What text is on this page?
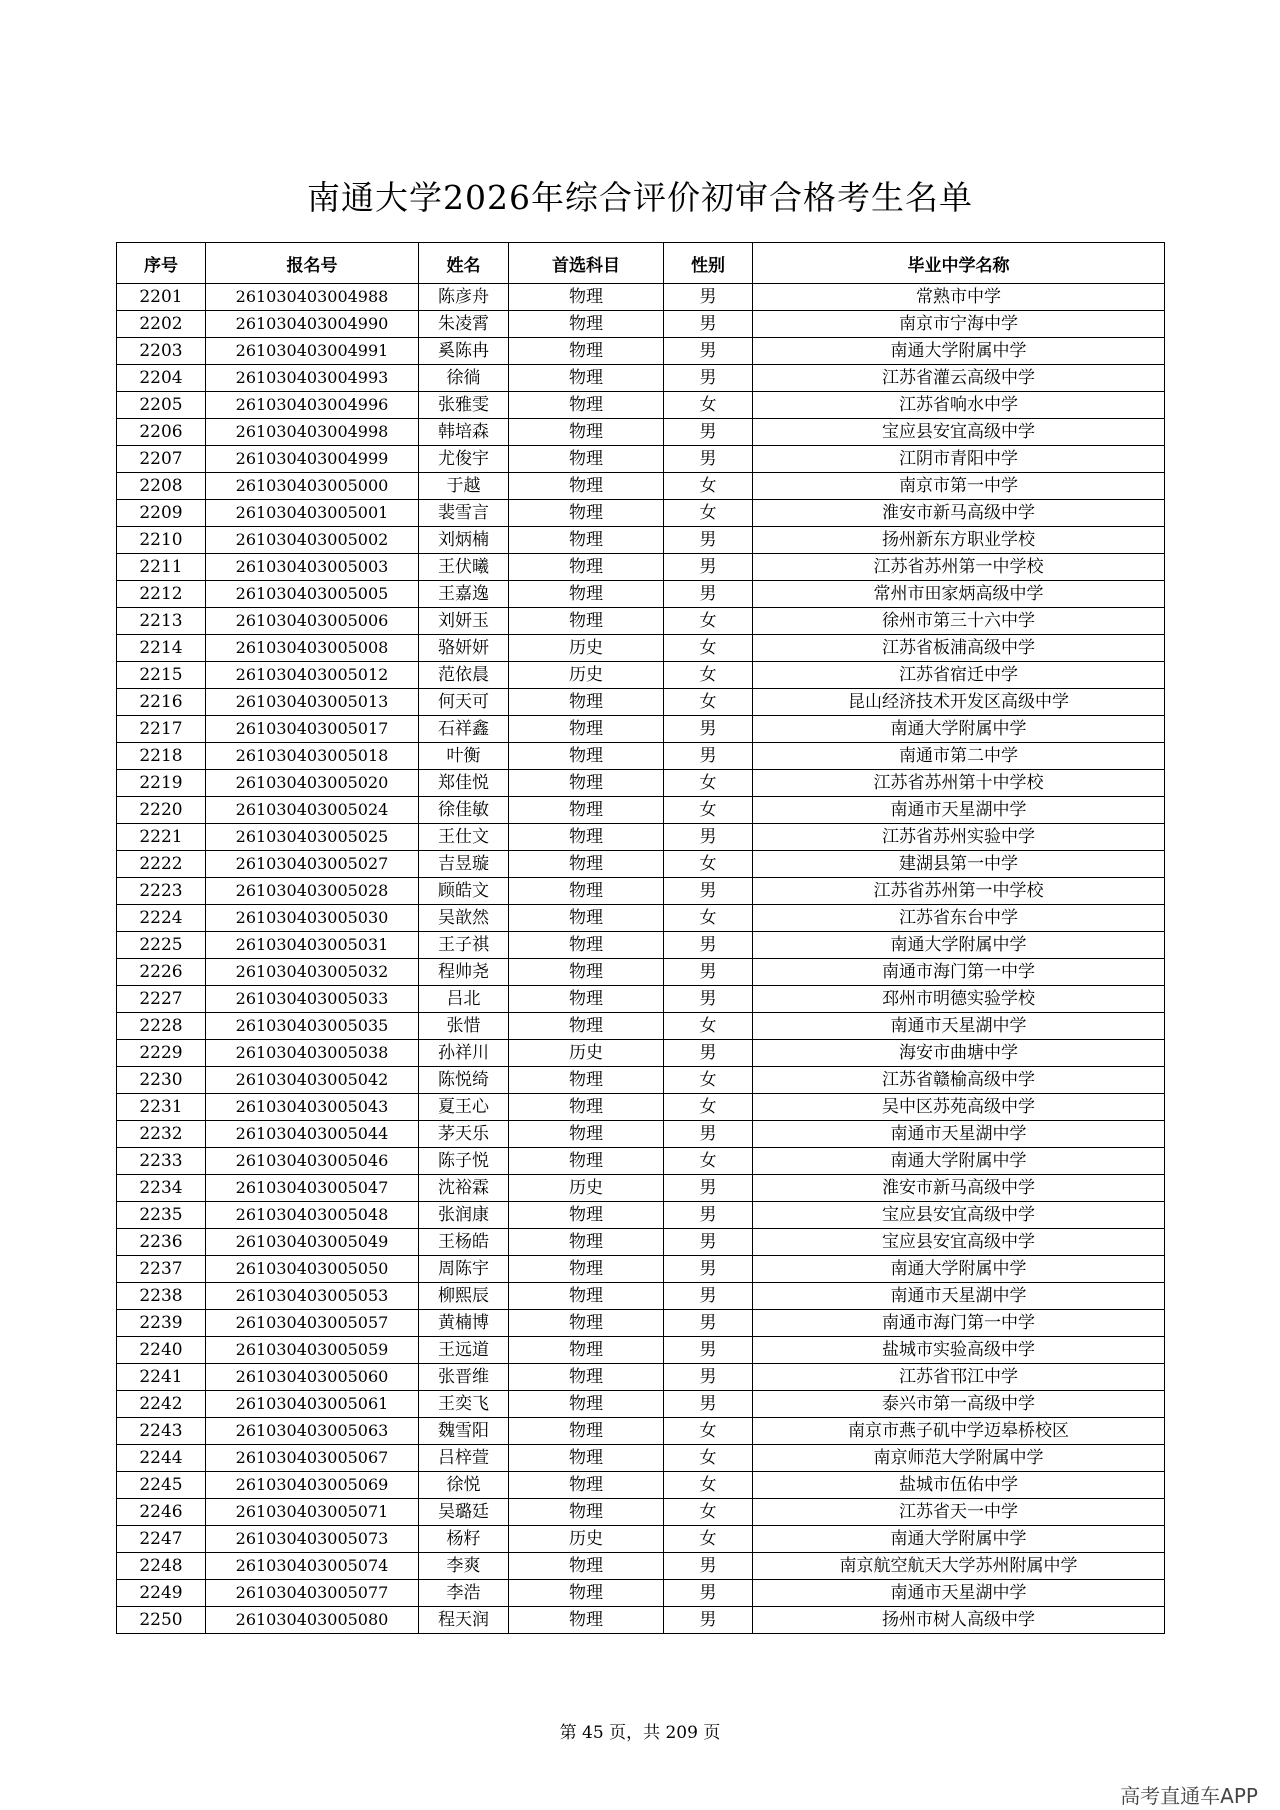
南通大学2026年综合评价初审合格考生名单
序号	报名号	姓名	首选科目	性别	毕业中学名称
2201	261030403004988	陈彦舟	物理	男	常熟市中学
2202	261030403004990	朱凌霄	物理	男	南京市宁海中学
2203	261030403004991	奚陈冉	物理	男	南通大学附属中学
2204	261030403004993	徐徜	物理	男	江苏省灌云高级中学
2205	261030403004996	张雅雯	物理	女	江苏省响水中学
2206	261030403004998	韩培森	物理	男	宝应县安宜高级中学
2207	261030403004999	尤俊宇	物理	男	江阴市青阳中学
2208	261030403005000	于越	物理	女	南京市第一中学
2209	261030403005001	裴雪言	物理	女	淮安市新马高级中学
2210	261030403005002	刘炳楠	物理	男	扬州新东方职业学校
2211	261030403005003	王伏曦	物理	男	江苏省苏州第一中学校
2212	261030403005005	王嘉逸	物理	男	常州市田家炳高级中学
2213	261030403005006	刘妍玉	物理	女	徐州市第三十六中学
2214	261030403005008	骆妍妍	历史	女	江苏省板浦高级中学
2215	261030403005012	范依晨	历史	女	江苏省宿迁中学
2216	261030403005013	何天可	物理	女	昆山经济技术开发区高级中学
2217	261030403005017	石祥鑫	物理	男	南通大学附属中学
2218	261030403005018	叶衡	物理	男	南通市第二中学
2219	261030403005020	郑佳悦	物理	女	江苏省苏州第十中学校
2220	261030403005024	徐佳敏	物理	女	南通市天星湖中学
2221	261030403005025	王仕文	物理	男	江苏省苏州实验中学
2222	261030403005027	吉昱璇	物理	女	建湖县第一中学
2223	261030403005028	顾皓文	物理	男	江苏省苏州第一中学校
2224	261030403005030	吴歆然	物理	女	江苏省东台中学
2225	261030403005031	王子祺	物理	男	南通大学附属中学
2226	261030403005032	程帅尧	物理	男	南通市海门第一中学
2227	261030403005033	吕北	物理	男	邳州市明德实验学校
2228	261030403005035	张惜	物理	女	南通市天星湖中学
2229	261030403005038	孙祥川	历史	男	海安市曲塘中学
2230	261030403005042	陈悦绮	物理	女	江苏省赣榆高级中学
2231	261030403005043	夏王心	物理	女	吴中区苏苑高级中学
2232	261030403005044	茅天乐	物理	男	南通市天星湖中学
2233	261030403005046	陈子悦	物理	女	南通大学附属中学
2234	261030403005047	沈裕霖	历史	男	淮安市新马高级中学
2235	261030403005048	张润康	物理	男	宝应县安宜高级中学
2236	261030403005049	王杨皓	物理	男	宝应县安宜高级中学
2237	261030403005050	周陈宇	物理	男	南通大学附属中学
2238	261030403005053	柳熙辰	物理	男	南通市天星湖中学
2239	261030403005057	黄楠博	物理	男	南通市海门第一中学
2240	261030403005059	王远道	物理	男	盐城市实验高级中学
2241	261030403005060	张晋维	物理	男	江苏省邗江中学
2242	261030403005061	王奕飞	物理	男	泰兴市第一高级中学
2243	261030403005063	魏雪阳	物理	女	南京市燕子矶中学迈皋桥校区
2244	261030403005067	吕梓萱	物理	女	南京师范大学附属中学
2245	261030403005069	徐悦	物理	女	盐城市伍佑中学
2246	261030403005071	吴璐廷	物理	女	江苏省天一中学
2247	261030403005073	杨籽	历史	女	南通大学附属中学
2248	261030403005074	李爽	物理	男	南京航空航天大学苏州附属中学
2249	261030403005077	李浩	物理	男	南通市天星湖中学
2250	261030403005080	程天润	物理	男	扬州市树人高级中学
第 45 页，共 209 页
高考直通车APP
